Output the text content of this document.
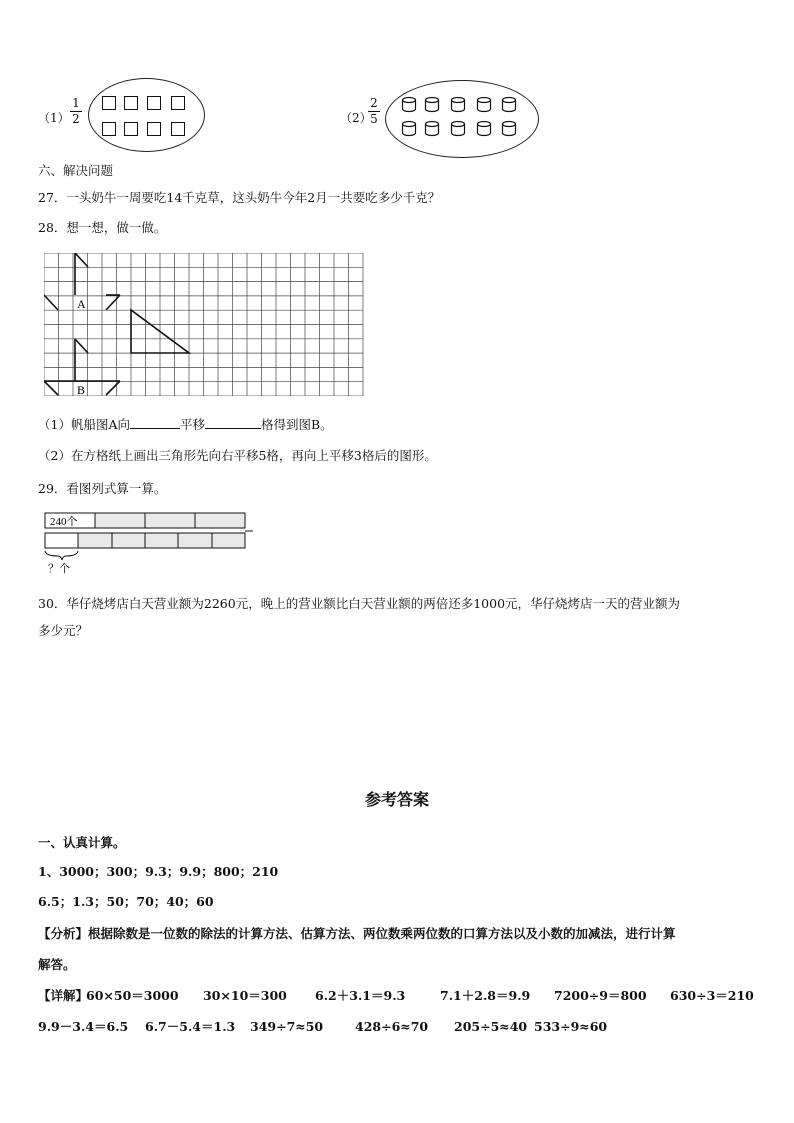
（1）
1
2	（2）
2
5
六、解决问题
27．一头奶牛一周要吃14千克草，这头奶牛今年2月一共要吃多少千克？
28．想一想，做一做。
A
B
（1）帆船图A向	平移	格得到图B。
（2）在方格纸上画出三角形先向右平移5格，再向上平移3格后的图形。
29．看图列式算一算。
240个
？个
30．华仔烧烤店白天营业额为2260元，晚上的营业额比白天营业额的两倍还多1000元，华仔烧烤店一天的营业额为
多少元？
参考答案
一、认真计算。
1、3000；300；9.3；9.9；800；210
6.5；1.3；50；70；40；60
【分析】根据除数是一位数的除法的计算方法、估算方法、两位数乘两位数的口算方法以及小数的加减法，进行计算
解答。
【详解】
60×50＝3000 30×10＝300 6.2＋3.1＝9.3	7.1＋2.8＝9.9 7200÷9＝800 630÷3＝210
9.9－3.4＝6.5 6.7－5.4＝1.3 349÷7≈50	428÷6≈70 205÷5≈40 533÷9≈60
